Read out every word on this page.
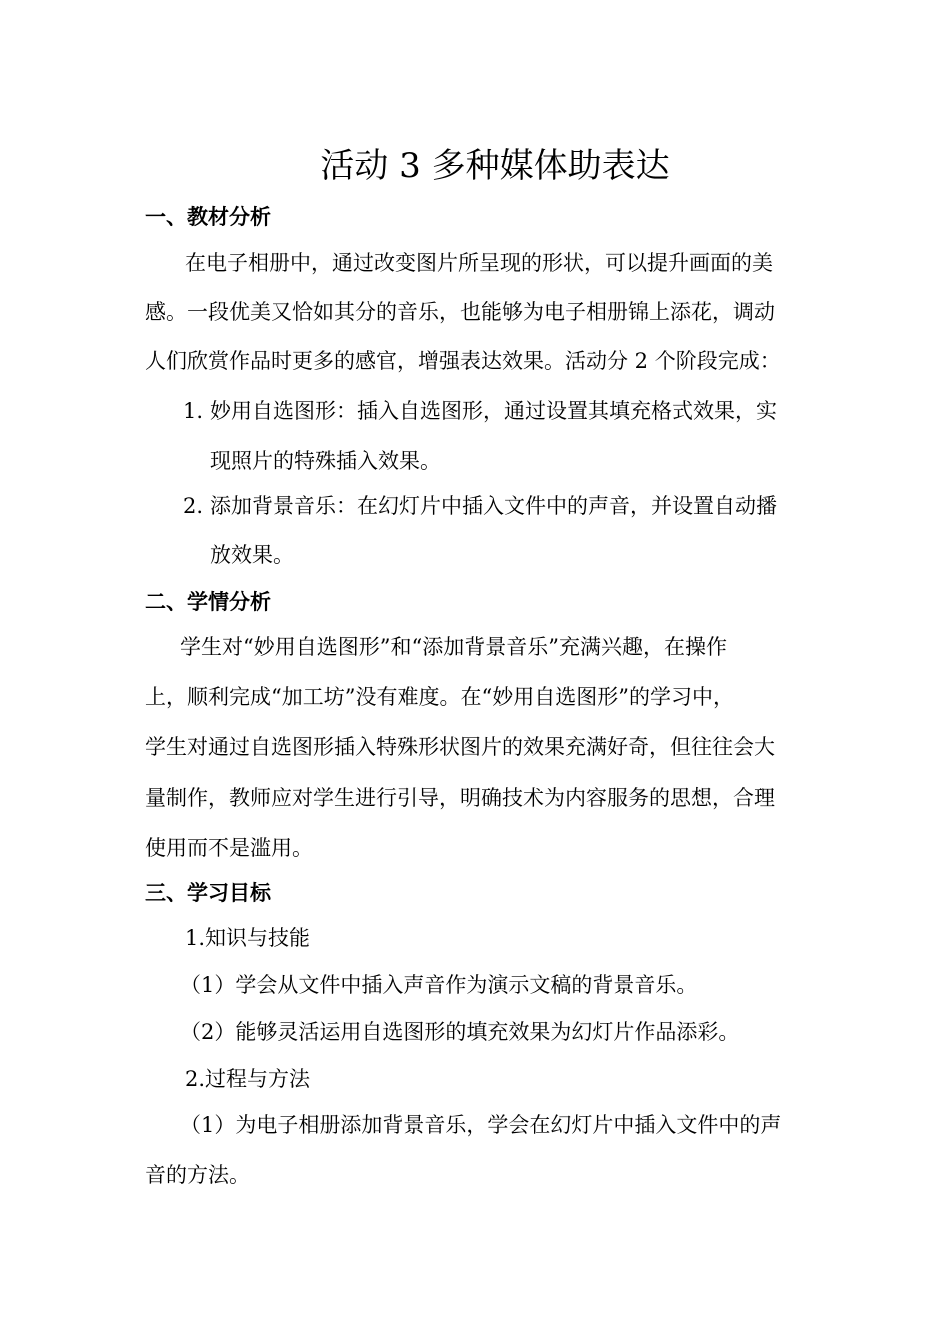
活动 3 多种媒体助表达
一、教材分析
在电子相册中，通过改变图片所呈现的形状，可以提升画面的美
感。一段优美又恰如其分的音乐，也能够为电子相册锦上添花，调动
人们欣赏作品时更多的感官，增强表达效果。活动分 2 个阶段完成：
1. 妙用自选图形：插入自选图形，通过设置其填充格式效果，实
现照片的特殊插入效果。
2. 添加背景音乐：在幻灯片中插入文件中的声音，并设置自动播
放效果。
二、学情分析
学生对“妙用自选图形”和“添加背景音乐”充满兴趣，在操作
上，顺利完成“加工坊”没有难度。在“妙用自选图形”的学习中，
学生对通过自选图形插入特殊形状图片的效果充满好奇，但往往会大
量制作，教师应对学生进行引导，明确技术为内容服务的思想，合理
使用而不是滥用。
三、学习目标
1.知识与技能
（1）学会从文件中插入声音作为演示文稿的背景音乐。
（2）能够灵活运用自选图形的填充效果为幻灯片作品添彩。
2.过程与方法
（1）为电子相册添加背景音乐，学会在幻灯片中插入文件中的声
音的方法。
